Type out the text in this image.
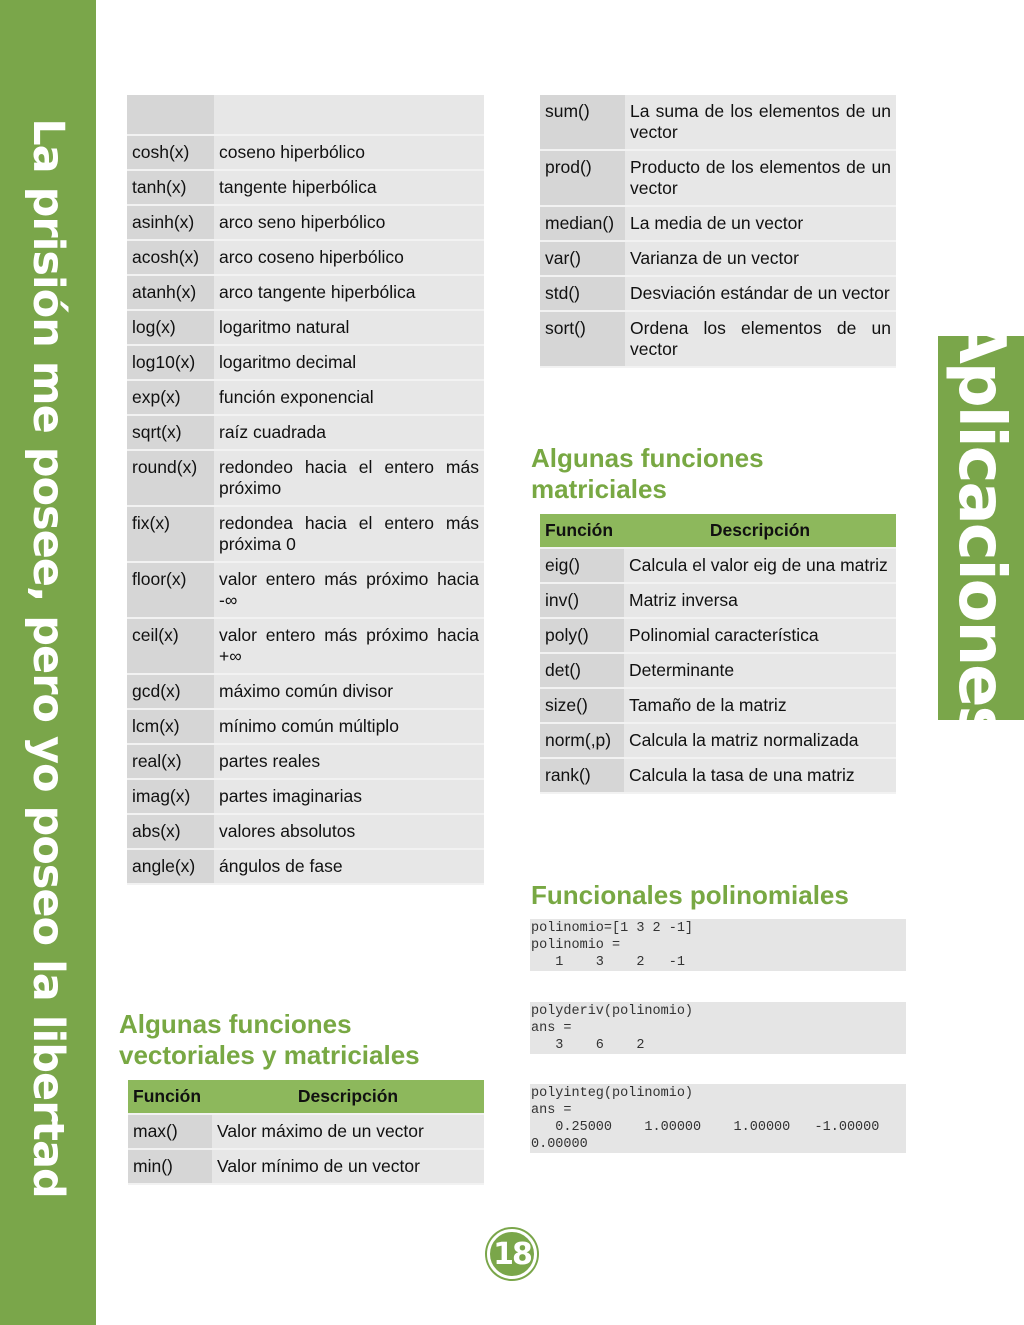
La prisión me posee, pero yo poseo la libertad	Aplicaciones

cosh(x)	coseno hiperbólico
tanh(x)	tangente hiperbólica
asinh(x)	arco seno hiperbólico
acosh(x)	arco coseno hiperbólico
atanh(x)	arco tangente hiperbólica
log(x)	logaritmo natural
log10(x)	logaritmo decimal
exp(x)	función exponencial
sqrt(x)	raíz cuadrada
round(x)	redondeo hacia el entero más próximo
fix(x)	redondea hacia el entero más próxima 0
floor(x)	valor entero más próximo hacia -∞
ceil(x)	valor entero más próximo hacia +∞
gcd(x)	máximo común divisor
lcm(x)	mínimo común múltiplo
real(x)	partes reales
imag(x)	partes imaginarias
abs(x)	valores absolutos
angle(x)	ángulos de fase
Algunas funciones vectoriales y matriciales
Función	Descripción
max()	Valor máximo de un vector
min()	Valor mínimo de un vector
sum()	La suma de los elementos de un vector
prod()	Producto de los elementos de un vector
median()	La media de un vector
var()	Varianza de un vector
std()	Desviación estándar de un vector
sort()	Ordena los elementos de un vector
Algunas funciones matriciales
Función	Descripción
eig()	Calcula el valor eig de una matriz
inv()	Matriz inversa
poly()	Polinomial característica
det()	Determinante
size()	Tamaño de la matriz
norm(,p)	Calcula la matriz normalizada
rank()	Calcula la tasa de una matriz
Funcionales polinomiales
polinomio=[1 3 2 -1]
polinomio =
1    3    2   -1
polyderiv(polinomio)
ans =
3    6    2
polyinteg(polinomio)
ans =
0.25000    1.00000    1.00000   -1.00000
0.00000
18
